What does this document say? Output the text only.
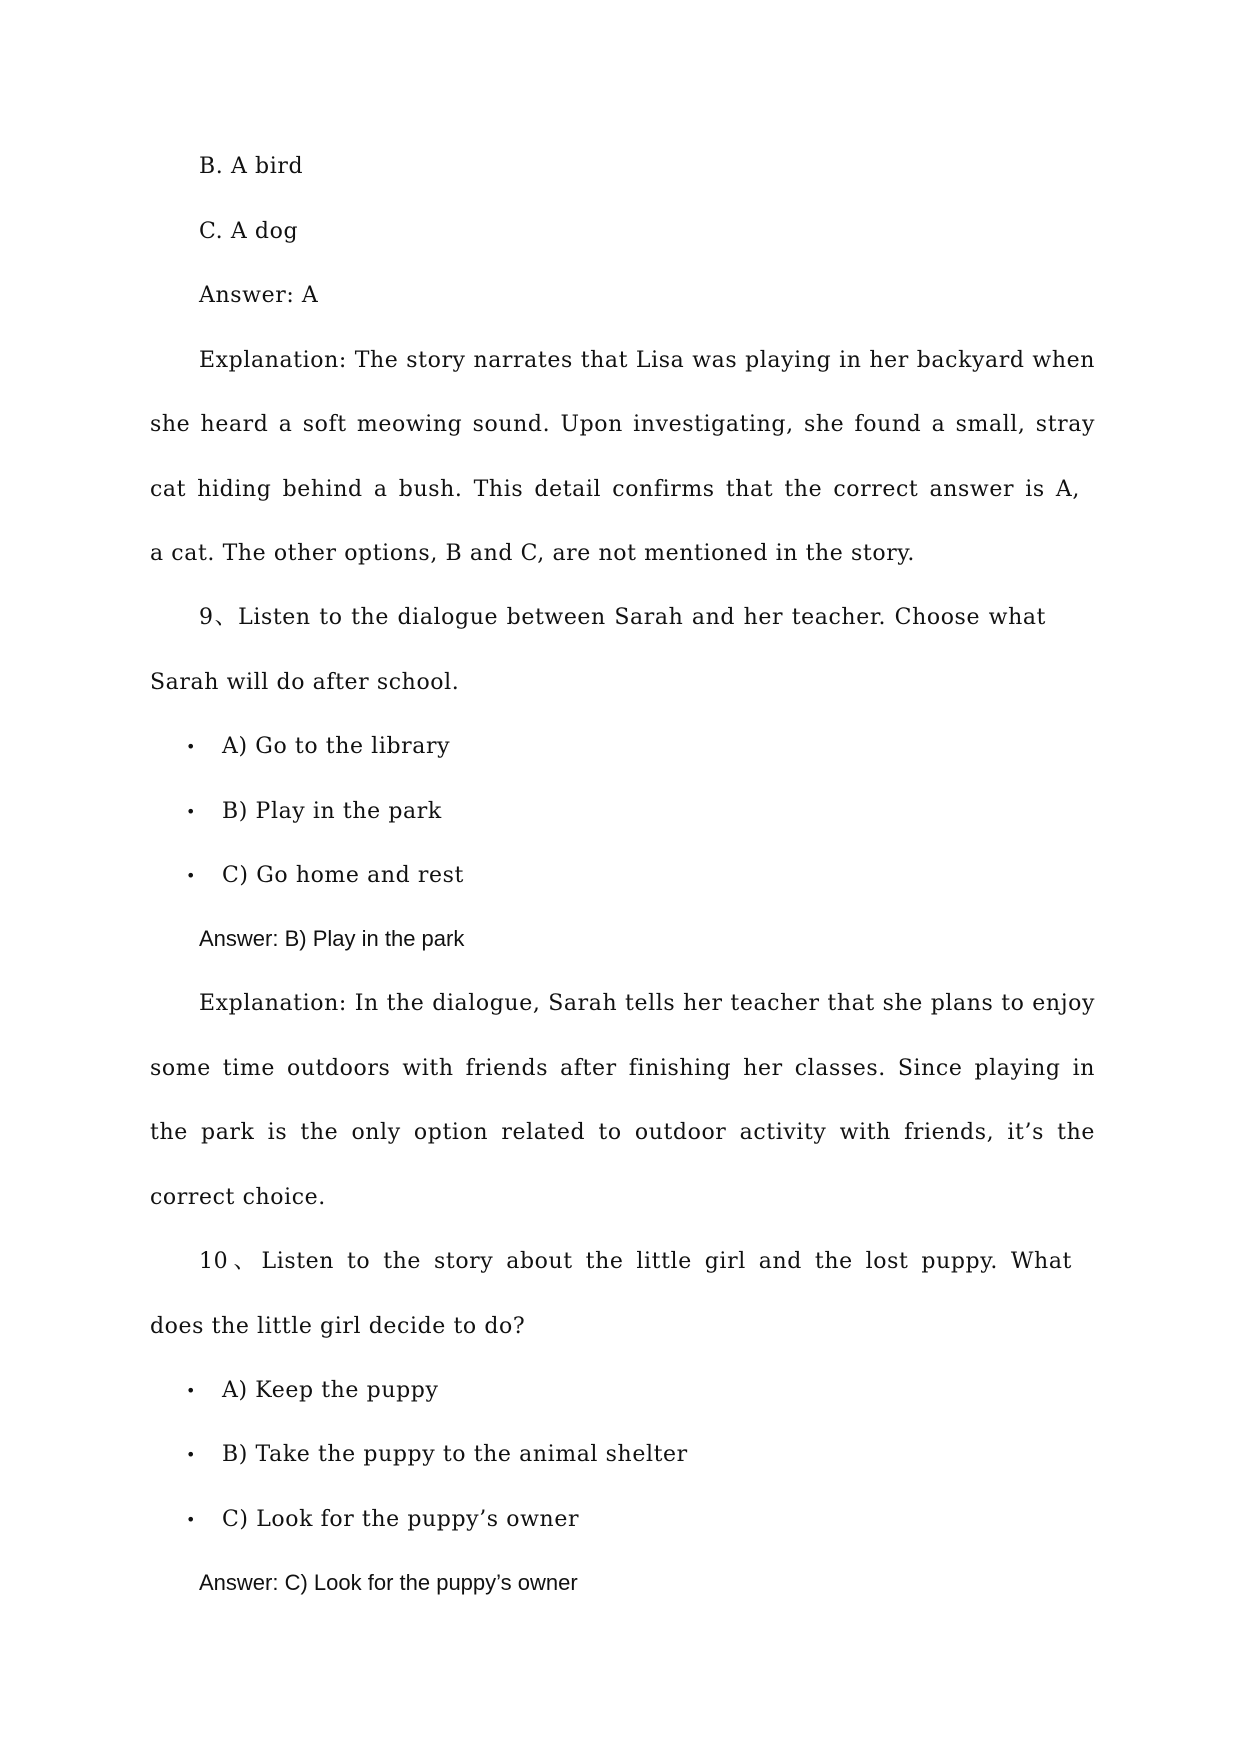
B. A bird
C. A dog
Answer: A
Explanation: The story narrates that Lisa was playing in her backyard when
she heard a soft meowing sound. Upon investigating, she found a small, stray
cat hiding behind a bush. This detail confirms that the correct answer is A,
a cat. The other options, B and C, are not mentioned in the story.
9、Listen to the dialogue between Sarah and her teacher. Choose what
Sarah will do after school.
• A) Go to the library
• B) Play in the park
• C) Go home and rest
Answer: B) Play in the park
Explanation: In the dialogue, Sarah tells her teacher that she plans to enjoy
some time outdoors with friends after finishing her classes. Since playing in
the park is the only option related to outdoor activity with friends, it’s the
correct choice.
10、Listen to the story about the little girl and the lost puppy. What
does the little girl decide to do?
• A) Keep the puppy
• B) Take the puppy to the animal shelter
• C) Look for the puppy’s owner
Answer: C) Look for the puppy’s owner
